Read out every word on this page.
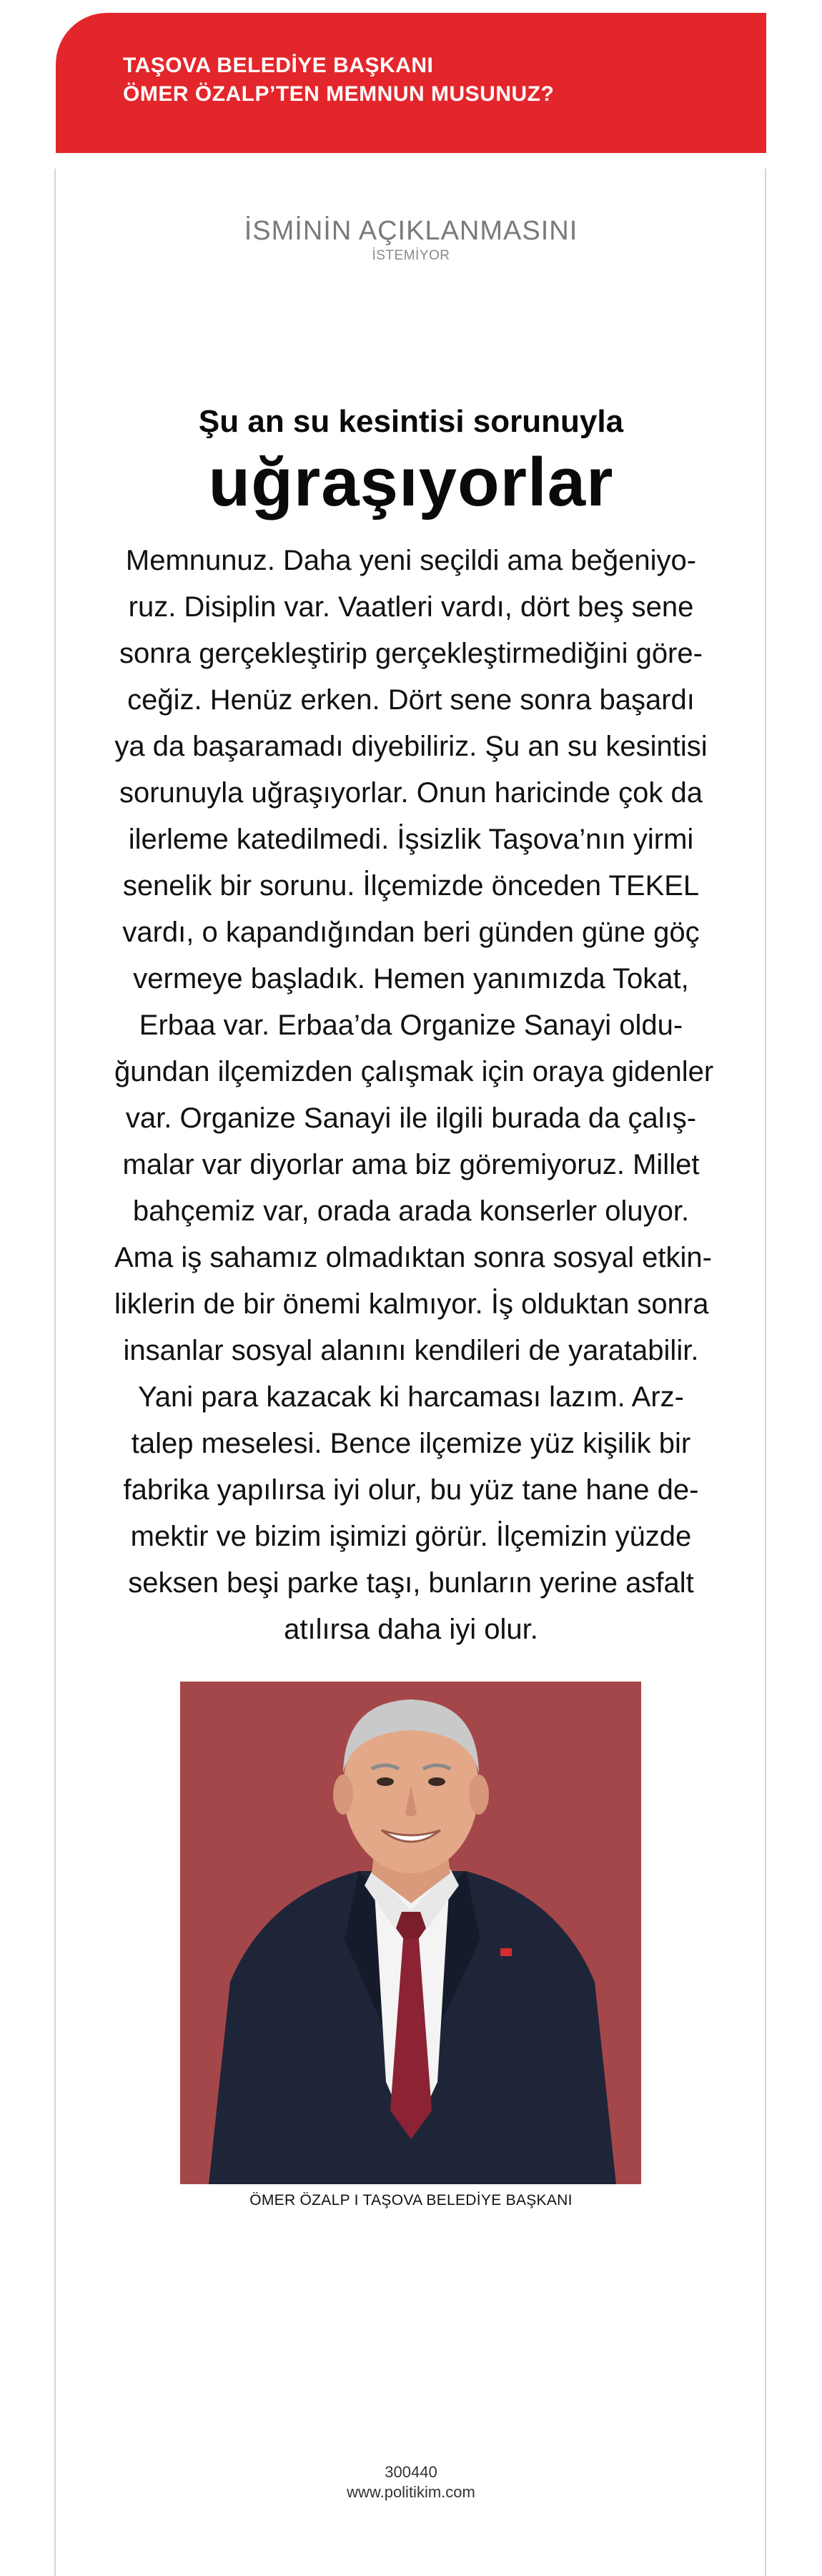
TAŞOVA BELEDİYE BAŞKANI
ÖMER ÖZALP’TEN MEMNUN MUSUNUZ?
İSMİNİN AÇIKLANMASINI
İSTEMİYOR
Şu an su kesintisi sorunuyla
uğraşıyorlar
Memnunuz. Daha yeni seçildi ama beğeniyo-
ruz. Disiplin var. Vaatleri vardı, dört beş sene
sonra gerçekleştirip gerçekleştirmediğini göre-
ceğiz. Henüz erken. Dört sene sonra başardı
ya da başaramadı diyebiliriz. Şu an su kesintisi
sorunuyla uğraşıyorlar. Onun haricinde çok da
ilerleme katedilmedi. İşsizlik Taşova’nın yirmi
senelik bir sorunu. İlçemizde önceden TEKEL
vardı, o kapandığından beri günden güne göç
vermeye başladık. Hemen yanımızda Tokat,
Erbaa var. Erbaa’da Organize Sanayi oldu-
ğundan ilçemizden çalışmak için oraya gidenler
var. Organize Sanayi ile ilgili burada da çalış-
malar var diyorlar ama biz göremiyoruz. Millet
bahçemiz var, orada arada konserler oluyor.
Ama iş sahamız olmadıktan sonra sosyal etkin-
liklerin de bir önemi kalmıyor. İş olduktan sonra
insanlar sosyal alanını kendileri de yaratabilir.
Yani para kazacak ki harcaması lazım. Arz-
talep meselesi. Bence ilçemize yüz kişilik bir
fabrika yapılırsa iyi olur, bu yüz tane hane de-
mektir ve bizim işimizi görür. İlçemizin yüzde
seksen beşi parke taşı, bunların yerine asfalt
atılırsa daha iyi olur.
ÖMER ÖZALP I TAŞOVA BELEDİYE BAŞKANI
300440
www.politikim.com
